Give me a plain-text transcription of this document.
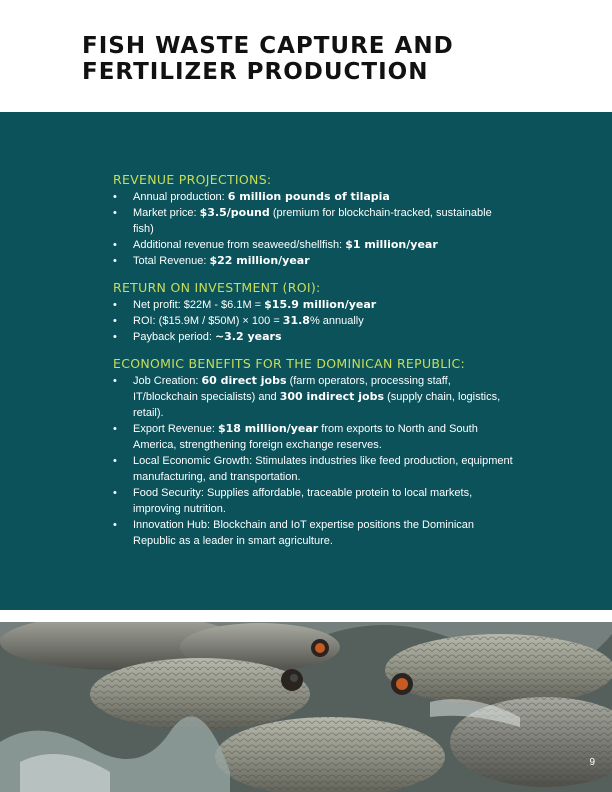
FISH WASTE CAPTURE AND
FERTILIZER PRODUCTION
REVENUE PROJECTIONS:
• Annual production: 6 million pounds of tilapia
• Market price: $3.5/pound (premium for blockchain-tracked, sustainable fish)
• Additional revenue from seaweed/shellfish: $1 million/year
• Total Revenue: $22 million/year
RETURN ON INVESTMENT (ROI):
• Net profit: $22M - $6.1M = $15.9 million/year
• ROI: ($15.9M / $50M) × 100 = 31.8% annually
• Payback period: ~3.2 years
ECONOMIC BENEFITS FOR THE DOMINICAN REPUBLIC:
• Job Creation: 60 direct jobs (farm operators, processing staff, IT/blockchain specialists) and 300 indirect jobs (supply chain, logistics, retail).
• Export Revenue: $18 million/year from exports to North and South America, strengthening foreign exchange reserves.
• Local Economic Growth: Stimulates industries like feed production, equipment manufacturing, and transportation.
• Food Security: Supplies affordable, traceable protein to local markets, improving nutrition.
• Innovation Hub: Blockchain and IoT expertise positions the Dominican Republic as a leader in smart agriculture.
9
